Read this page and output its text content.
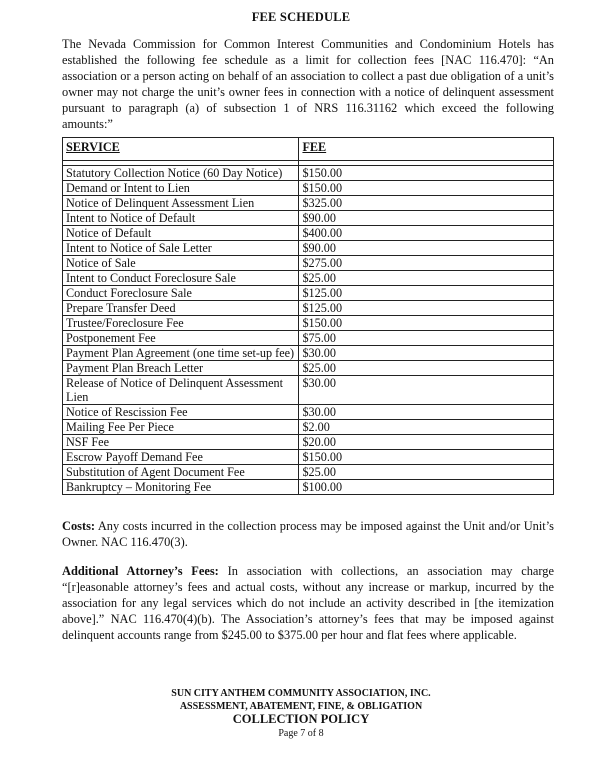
FEE SCHEDULE
The Nevada Commission for Common Interest Communities and Condominium Hotels has established the following fee schedule as a limit for collection fees [NAC 116.470]: “An association or a person acting on behalf of an association to collect a past due obligation of a unit’s owner may not charge the unit’s owner fees in connection with a notice of delinquent assessment pursuant to paragraph (a) of subsection 1 of NRS 116.31162 which exceed the following amounts:”
SERVICE	FEE

Statutory Collection Notice (60 Day Notice)	$150.00
Demand or Intent to Lien	$150.00
Notice of Delinquent Assessment Lien	$325.00
Intent to Notice of Default	$90.00
Notice of Default	$400.00
Intent to Notice of Sale Letter	$90.00
Notice of Sale	$275.00
Intent to Conduct Foreclosure Sale	$25.00
Conduct Foreclosure Sale	$125.00
Prepare Transfer Deed	$125.00
Trustee/Foreclosure Fee	$150.00
Postponement Fee	$75.00
Payment Plan Agreement (one time set-up fee)	$30.00
Payment Plan Breach Letter	$25.00
Release of Notice of Delinquent Assessment Lien	$30.00
Notice of Rescission Fee	$30.00
Mailing Fee Per Piece	$2.00
NSF Fee	$20.00
Escrow Payoff Demand Fee	$150.00
Substitution of Agent Document Fee	$25.00
Bankruptcy – Monitoring Fee	$100.00
Costs: Any costs incurred in the collection process may be imposed against the Unit and/or Unit’s Owner. NAC 116.470(3).
Additional Attorney’s Fees: In association with collections, an association may charge “[r]easonable attorney’s fees and actual costs, without any increase or markup, incurred by the association for any legal services which do not include an activity described in [the itemization above].” NAC 116.470(4)(b). The Association’s attorney’s fees that may be imposed against delinquent accounts range from $245.00 to $375.00 per hour and flat fees where applicable.
SUN CITY ANTHEM COMMUNITY ASSOCIATION, INC.
ASSESSMENT, ABATEMENT, FINE, & OBLIGATION
COLLECTION POLICY
Page 7 of 8
